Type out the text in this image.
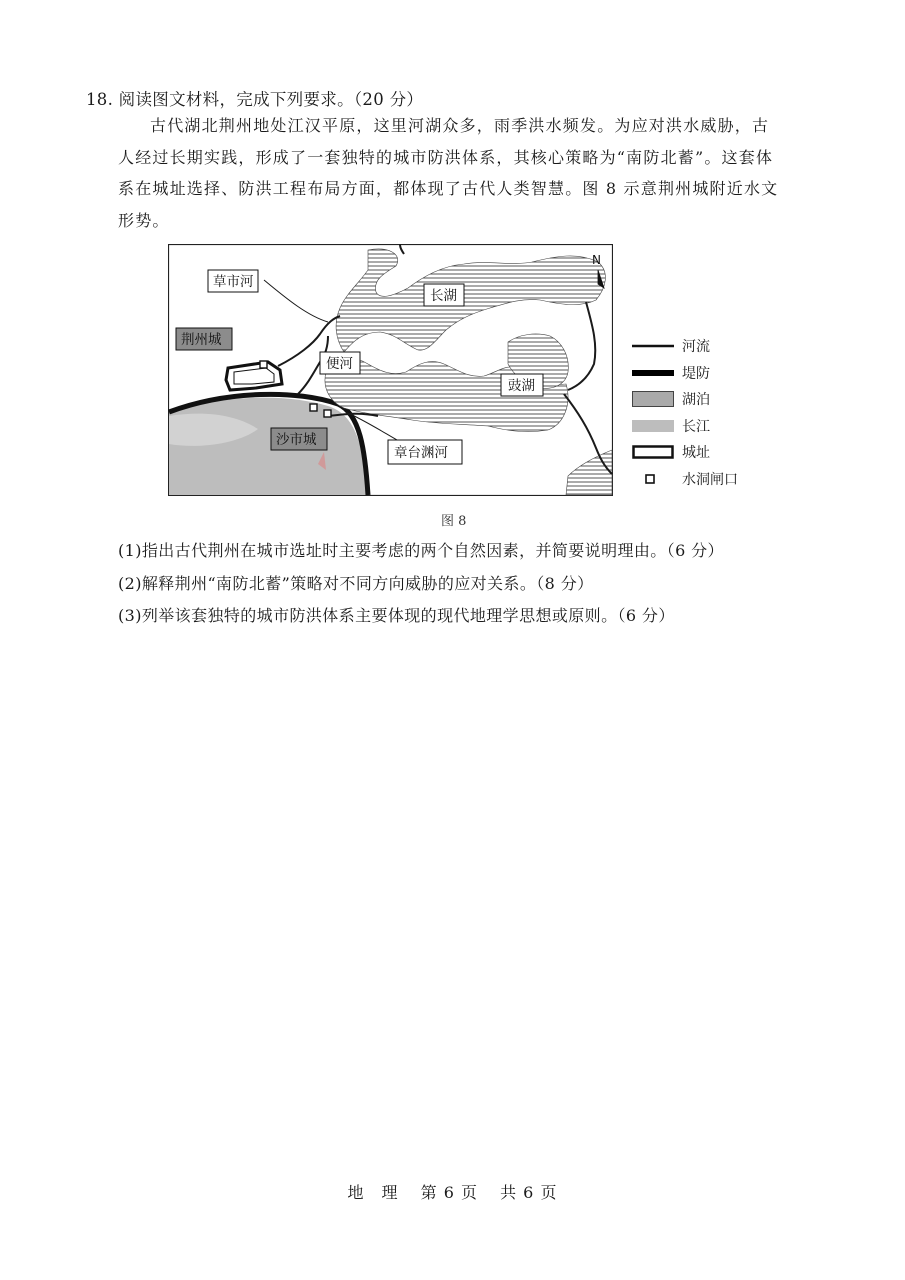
18. 阅读图文材料，完成下列要求。（20 分）
古代湖北荆州地处江汉平原，这里河湖众多，雨季洪水频发。为应对洪水威胁，古
人经过长期实践，形成了一套独特的城市防洪体系，其核心策略为“南防北蓄”。这套体
系在城址选择、防洪工程布局方面，都体现了古代人类智慧。图 8 示意荆州城附近水文
形势。
N
草市河
荆州城
长湖
便河
豉湖
沙市城
章台渊河
河流
堤防
湖泊
长江
城址
水洞闸口
图 8
(1)指出古代荆州在城市选址时主要考虑的两个自然因素，并简要说明理由。（6 分）
(2)解释荆州“南防北蓄”策略对不同方向威胁的应对关系。（8 分）
(3)列举该套独特的城市防洪体系主要体现的现代地理学思想或原则。（6 分）
地　理 第 6 页 共 6 页
